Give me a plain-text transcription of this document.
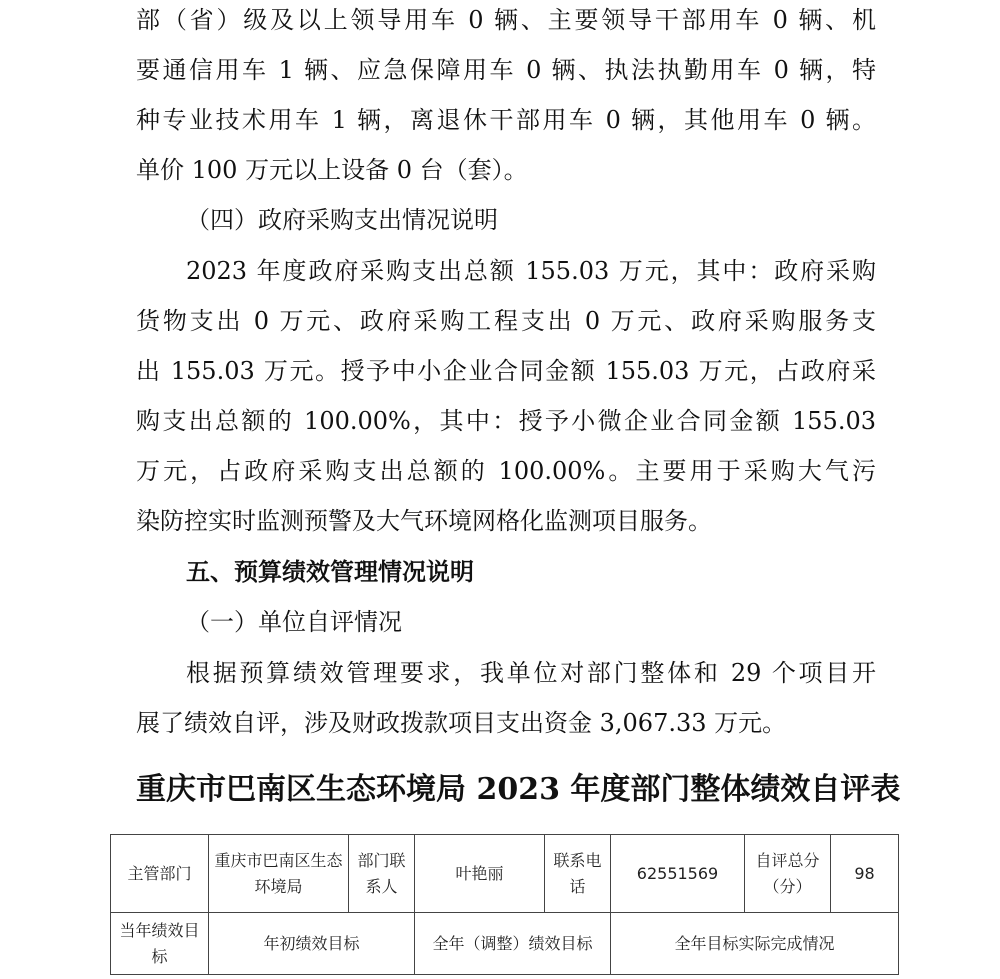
部（省）级及以上领导用车 0 辆、主要领导干部用车 0 辆、机
要通信用车 1 辆、应急保障用车 0 辆、执法执勤用车 0 辆，特
种专业技术用车 1 辆，离退休干部用车 0 辆，其他用车 0 辆。
单价 100 万元以上设备 0 台（套）。
（四）政府采购支出情况说明
2023 年度政府采购支出总额 155.03 万元，其中：政府采购
货物支出 0 万元、政府采购工程支出 0 万元、政府采购服务支
出 155.03 万元。授予中小企业合同金额 155.03 万元，占政府采
购支出总额的 100.00%，其中：授予小微企业合同金额 155.03
万元，占政府采购支出总额的 100.00%。主要用于采购大气污
染防控实时监测预警及大气环境网格化监测项目服务。
五、预算绩效管理情况说明
（一）单位自评情况
根据预算绩效管理要求，我单位对部门整体和 29 个项目开
展了绩效自评，涉及财政拨款项目支出资金 3,067.33 万元。
重庆市巴南区生态环境局 2023 年度部门整体绩效自评表
主管部门	重庆市巴南区生态环境局	部门联系人	叶艳丽	联系电话	62551569	自评总分（分）	98
当年绩效目标	年初绩效目标		全年（调整）绩效目标		全年目标实际完成情况		
